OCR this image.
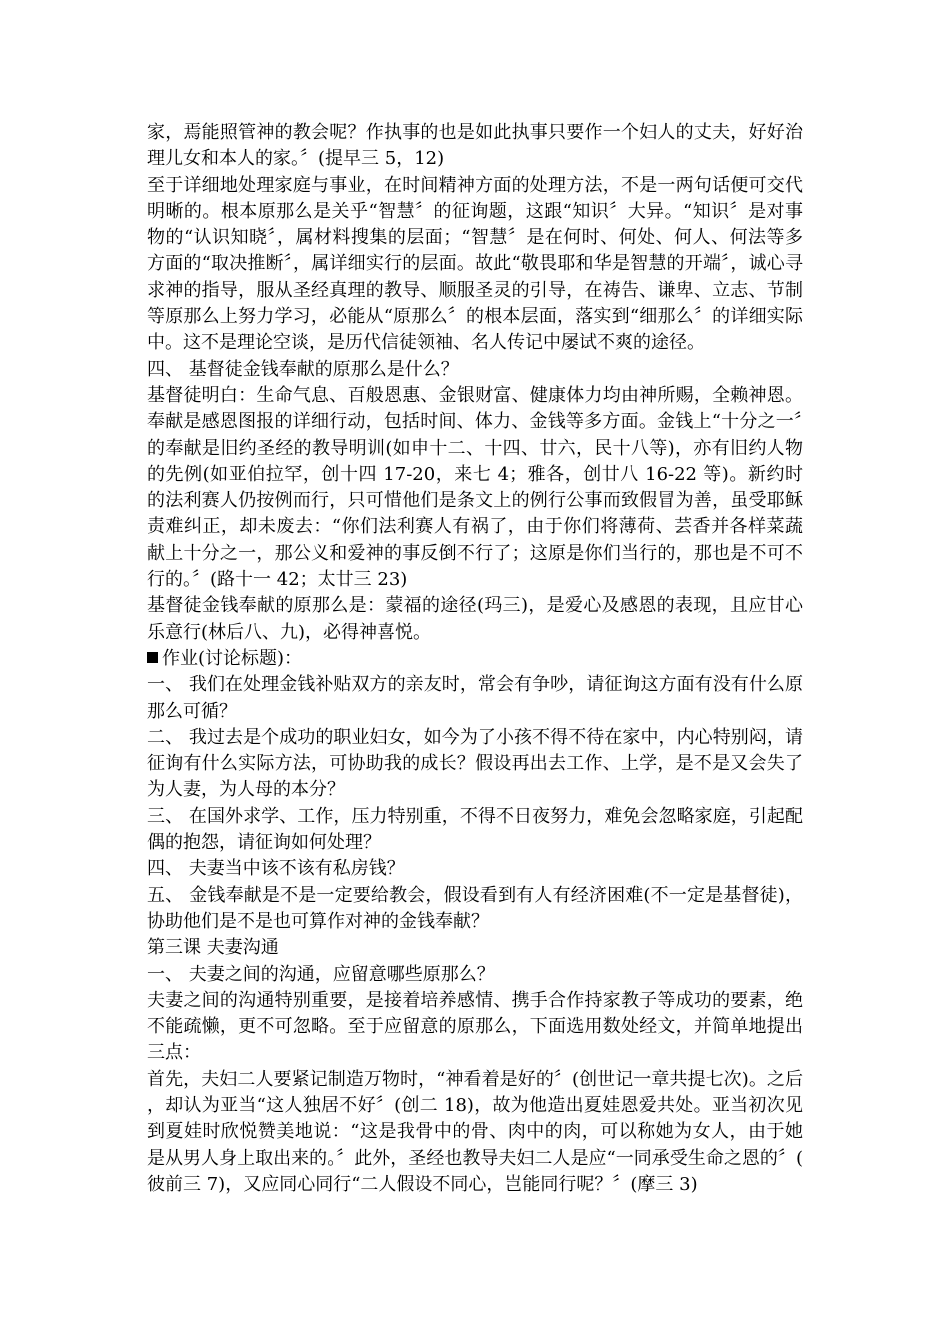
家，焉能照管神的教会呢？作执事的也是如此执事只要作一个妇人的丈夫，好好治理儿女和本人的家。〞(提早三 5，12)

至于详细地处理家庭与事业，在时间精神方面的处理方法，不是一两句话便可交代明晰的。根本原那么是关乎“智慧〞的征询题，这跟“知识〞大异。“知识〞是对事物的“认识知晓〞，属材料搜集的层面；“智慧〞是在何时、何处、何人、何法等多方面的“取决推断〞，属详细实行的层面。故此“敬畏耶和华是智慧的开端〞，诚心寻求神的指导，服从圣经真理的教导、顺服圣灵的引导，在祷告、谦卑、立志、节制等原那么上努力学习，必能从“原那么〞的根本层面，落实到“细那么〞的详细实际中。这不是理论空谈，是历代信徒领袖、名人传记中屡试不爽的途径。

四、 基督徒金钱奉献的原那么是什么？

基督徒明白：生命气息、百般恩惠、金银财富、健康体力均由神所赐，全赖神恩。奉献是感恩图报的详细行动，包括时间、体力、金钱等多方面。金钱上“十分之一〞的奉献是旧约圣经的教导明训(如申十二、十四、廿六，民十八等)，亦有旧约人物的先例(如亚伯拉罕，创十四 17-20，来七 4；雅各，创廿八 16-22 等)。新约时的法利赛人仍按例而行，只可惜他们是条文上的例行公事而致假冒为善，虽受耶稣责难纠正，却未废去：“你们法利赛人有祸了，由于你们将薄荷、芸香并各样菜蔬献上十分之一，那公义和爱神的事反倒不行了；这原是你们当行的，那也是不可不行的。〞(路十一 42；太廿三 23)

基督徒金钱奉献的原那么是：蒙福的途径(玛三)，是爱心及感恩的表现，且应甘心乐意行(林后八、九)，必得神喜悦。

作业(讨论标题)：

一、 我们在处理金钱补贴双方的亲友时，常会有争吵，请征询这方面有没有什么原那么可循？

二、 我过去是个成功的职业妇女，如今为了小孩不得不待在家中，内心特别闷，请征询有什么实际方法，可协助我的成长？假设再出去工作、上学，是不是又会失了为人妻，为人母的本分？

三、 在国外求学、工作，压力特别重，不得不日夜努力，难免会忽略家庭，引起配偶的抱怨，请征询如何处理？

四、 夫妻当中该不该有私房钱？

五、 金钱奉献是不是一定要给教会，假设看到有人有经济困难(不一定是基督徒)，协助他们是不是也可算作对神的金钱奉献？

第三课 夫妻沟通

一、 夫妻之间的沟通，应留意哪些原那么？

夫妻之间的沟通特别重要，是接着培养感情、携手合作持家教子等成功的要素，绝不能疏懒，更不可忽略。至于应留意的原那么，下面选用数处经文，并简单地提出三点：

首先，夫妇二人要紧记制造万物时，“神看着是好的〞(创世记一章共提七次)。之后，却认为亚当“这人独居不好〞(创二 18)，故为他造出夏娃恩爱共处。亚当初次见到夏娃时欣悦赞美地说：“这是我骨中的骨、肉中的肉，可以称她为女人，由于她是从男人身上取出来的。〞此外，圣经也教导夫妇二人是应“一同承受生命之恩的〞(彼前三 7)，又应同心同行“二人假设不同心，岂能同行呢？〞(摩三 3)
